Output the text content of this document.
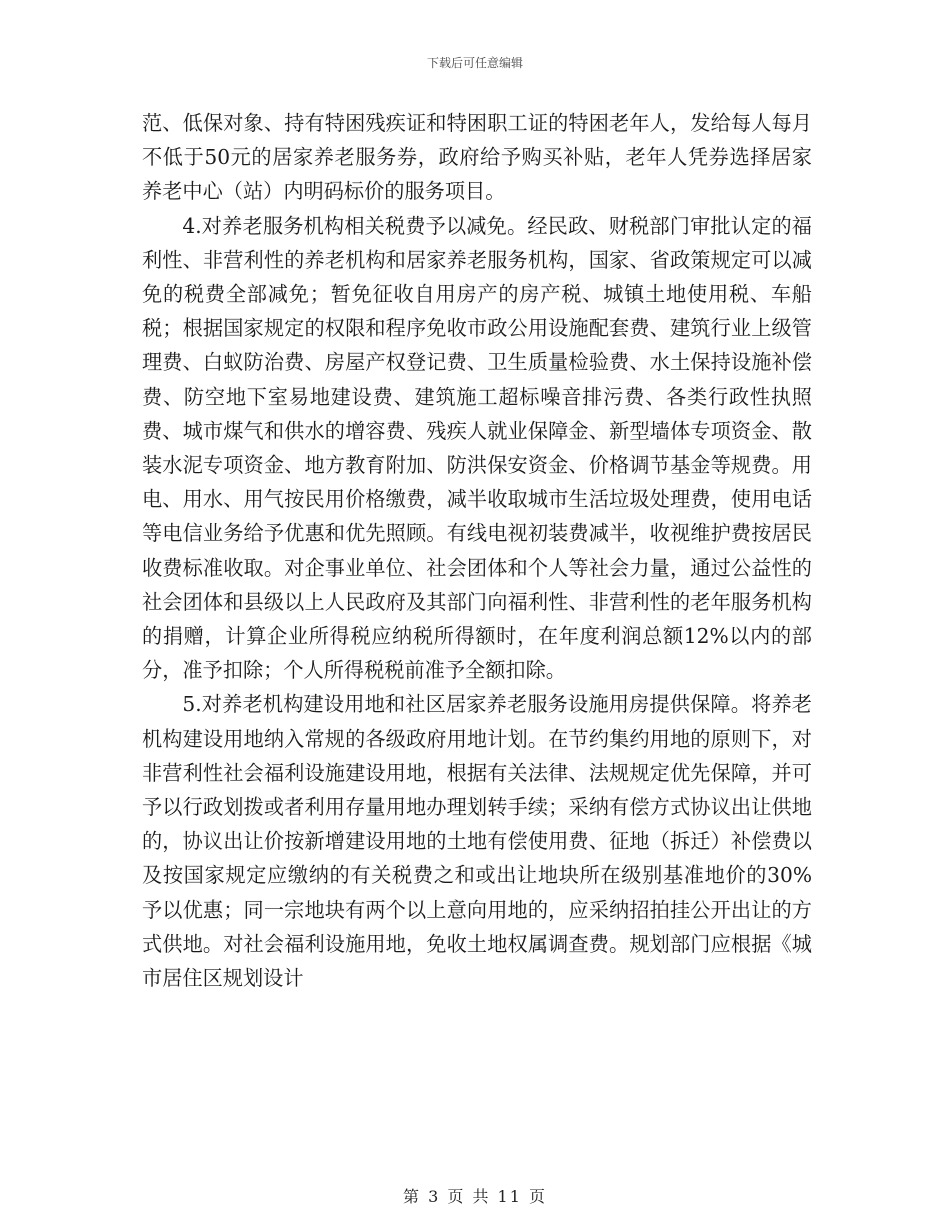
下载后可任意编辑

范、低保对象、持有特困残疾证和特困职工证的特困老年人，发给每人每月不低于50元的居家养老服务券，政府给予购买补贴，老年人凭券选择居家养老中心（站）内明码标价的服务项目。

4.对养老服务机构相关税费予以减免。经民政、财税部门审批认定的福利性、非营利性的养老机构和居家养老服务机构，国家、省政策规定可以减免的税费全部减免；暂免征收自用房产的房产税、城镇土地使用税、车船税；根据国家规定的权限和程序免收市政公用设施配套费、建筑行业上级管理费、白蚁防治费、房屋产权登记费、卫生质量检验费、水土保持设施补偿费、防空地下室易地建设费、建筑施工超标噪音排污费、各类行政性执照费、城市煤气和供水的增容费、残疾人就业保障金、新型墙体专项资金、散装水泥专项资金、地方教育附加、防洪保安资金、价格调节基金等规费。用电、用水、用气按民用价格缴费，减半收取城市生活垃圾处理费，使用电话等电信业务给予优惠和优先照顾。有线电视初装费减半，收视维护费按居民收费标准收取。对企事业单位、社会团体和个人等社会力量，通过公益性的社会团体和县级以上人民政府及其部门向福利性、非营利性的老年服务机构的捐赠，计算企业所得税应纳税所得额时，在年度利润总额12%以内的部分，准予扣除；个人所得税税前准予全额扣除。

5.对养老机构建设用地和社区居家养老服务设施用房提供保障。将养老机构建设用地纳入常规的各级政府用地计划。在节约集约用地的原则下，对非营利性社会福利设施建设用地，根据有关法律、法规规定优先保障，并可予以行政划拨或者利用存量用地办理划转手续；采纳有偿方式协议出让供地的，协议出让价按新增建设用地的土地有偿使用费、征地（拆迁）补偿费以及按国家规定应缴纳的有关税费之和或出让地块所在级别基准地价的30%予以优惠；同一宗地块有两个以上意向用地的，应采纳招拍挂公开出让的方式供地。对社会福利设施用地，免收土地权属调查费。规划部门应根据《城市居住区规划设计

第 3 页 共 11 页
